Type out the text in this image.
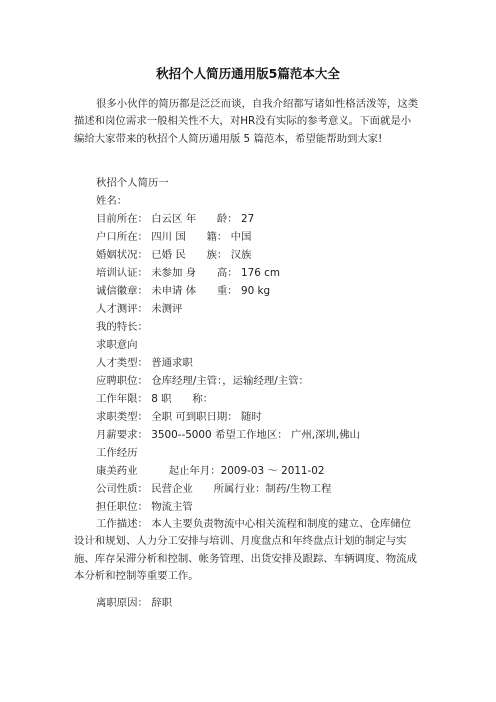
秋招个人简历通用版5篇范本大全
很多小伙伴的简历都是泛泛而谈，自我介绍都写诸如性格活泼等，这类描述和岗位需求一般相关性不大，对HR没有实际的参考意义。下面就是小编给大家带来的秋招个人简历通用版 5 篇范本，希望能帮助到大家!
秋招个人简历一
姓名：
目前所在： 白云区 年　　龄： 27
户口所在： 四川 国　　籍： 中国
婚姻状况： 已婚 民　　族： 汉族
培训认证： 未参加 身　　高： 176 cm
诚信徽章： 未申请 体　　重： 90 kg
人才测评： 未测评
我的特长：
求职意向
人才类型： 普通求职
应聘职位： 仓库经理/主管：，运输经理/主管：
工作年限： 8 职　　称：
求职类型： 全职 可到职日期： 随时
月薪要求： 3500--5000 希望工作地区： 广州,深圳,佛山
工作经历
康美药业　　　起止年月：2009-03 ～ 2011-02
公司性质： 民营企业　　所属行业：制药/生物工程
担任职位： 物流主管
工作描述： 本人主要负责物流中心相关流程和制度的建立、仓库储位设计和规划、人力分工安排与培训、月度盘点和年终盘点计划的制定与实施、库存呆滞分析和控制、帐务管理、出货安排及跟踪、车辆调度、物流成本分析和控制等重要工作。
离职原因： 辞职
